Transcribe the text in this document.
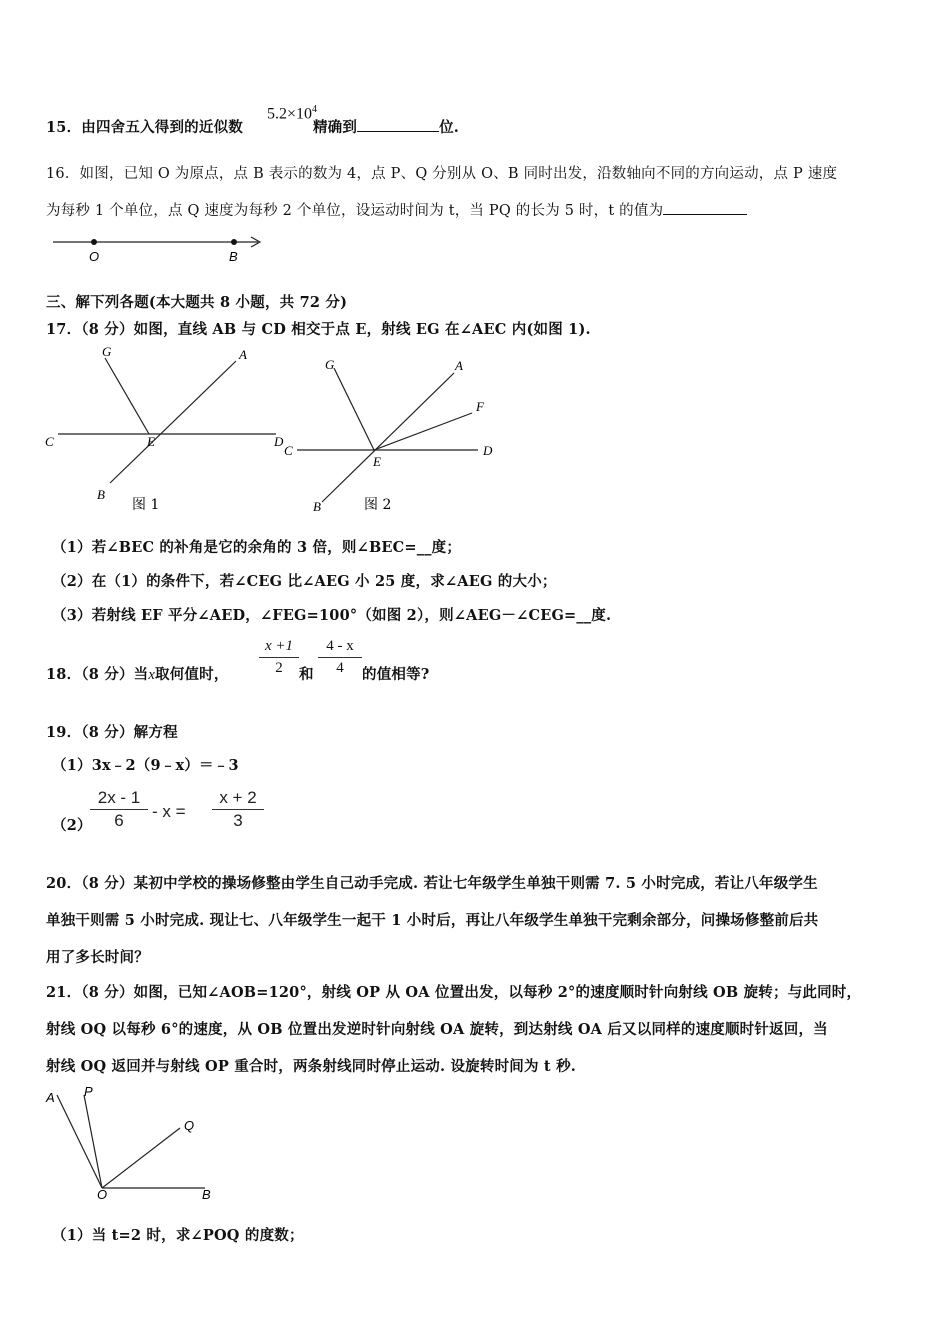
15．由四舍五入得到的近似数	精确到	位.
$5.2\times 10^4$
16．如图，已知 O 为原点，点 B 表示的数为 4，点 P、Q 分别从 O、B 同时出发，沿数轴向不同的方向运动，点 P 速度
为每秒 1 个单位，点 Q 速度为每秒 2 个单位，设运动时间为 t，当 PQ 的长为 5 时，t 的值为
O	B
三、解下列各题(本大题共 8 小题，共 72 分)
17．（8 分）如图，直线 AB 与 CD 相交于点 E，射线 EG 在∠AEC 内(如图 1).
G	A
C	E	D
B
图 1
G	A
F
C
E
D
B	图 2
（1）若∠BEC 的补角是它的余角的 3 倍，则∠BEC=__度；
（2）在（1）的条件下，若∠CEG 比∠AEG 小 25 度，求∠AEG 的大小；
（3）若射线 EF 平分∠AED，∠FEG=100°（如图 2），则∠AEG－∠CEG=__度.
18．（8 分）当x取何值时，
x +1
2	和
4 - x
4	的值相等?
19．（8 分）解方程
（1）3x﹣2（9﹣x）＝﹣3
（2）
2x - 1
6	- x =
x + 2
3
20．（8 分）某初中学校的操场修整由学生自己动手完成. 若让七年级学生单独干则需 7. 5 小时完成，若让八年级学生
单独干则需 5 小时完成. 现让七、八年级学生一起干 1 小时后，再让八年级学生单独干完剩余部分，问操场修整前后共
用了多长时间？
21．（8 分）如图，已知∠AOB=120°，射线 OP 从 OA 位置出发，以每秒 2°的速度顺时针向射线 OB 旋转；与此同时，
射线 OQ 以每秒 6°的速度，从 OB 位置出发逆时针向射线 OA 旋转，到达射线 OA 后又以同样的速度顺时针返回，当
射线 OQ 返回并与射线 OP 重合时，两条射线同时停止运动. 设旋转时间为 t 秒.
A P
Q
O	B
（1）当 t=2 时，求∠POQ 的度数；
